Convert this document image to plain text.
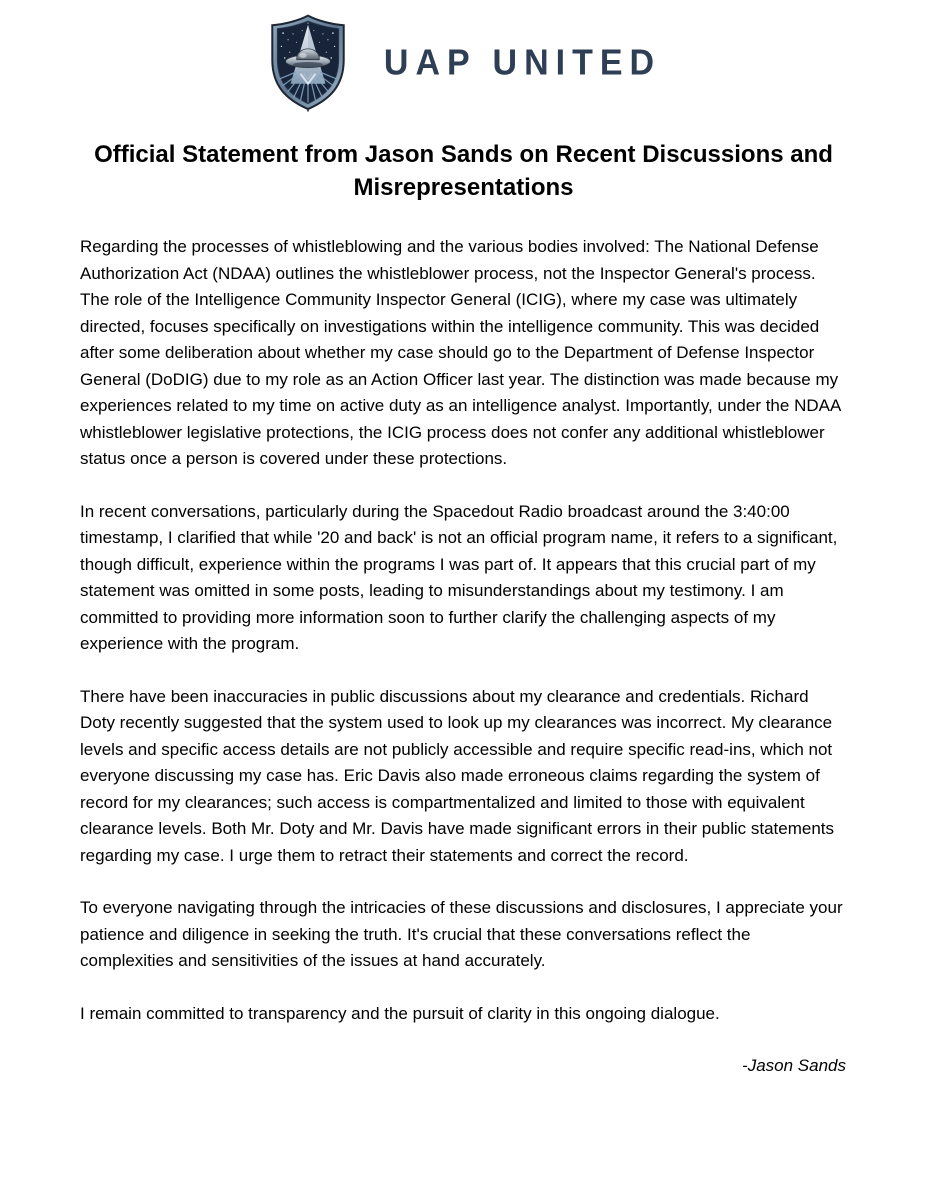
UAP UNITED
Official Statement from Jason Sands on Recent Discussions and Misrepresentations

Regarding the processes of whistleblowing and the various bodies involved: The National Defense Authorization Act (NDAA) outlines the whistleblower process, not the Inspector General's process. The role of the Intelligence Community Inspector General (ICIG), where my case was ultimately directed, focuses specifically on investigations within the intelligence community. This was decided after some deliberation about whether my case should go to the Department of Defense Inspector General (DoDIG) due to my role as an Action Officer last year. The distinction was made because my experiences related to my time on active duty as an intelligence analyst. Importantly, under the NDAA whistleblower legislative protections, the ICIG process does not confer any additional whistleblower status once a person is covered under these protections.

In recent conversations, particularly during the Spacedout Radio broadcast around the 3:40:00 timestamp, I clarified that while '20 and back' is not an official program name, it refers to a significant, though difficult, experience within the programs I was part of. It appears that this crucial part of my statement was omitted in some posts, leading to misunderstandings about my testimony. I am committed to providing more information soon to further clarify the challenging aspects of my experience with the program.

There have been inaccuracies in public discussions about my clearance and credentials. Richard Doty recently suggested that the system used to look up my clearances was incorrect. My clearance levels and specific access details are not publicly accessible and require specific read-ins, which not everyone discussing my case has. Eric Davis also made erroneous claims regarding the system of record for my clearances; such access is compartmentalized and limited to those with equivalent clearance levels. Both Mr. Doty and Mr. Davis have made significant errors in their public statements regarding my case. I urge them to retract their statements and correct the record.

To everyone navigating through the intricacies of these discussions and disclosures, I appreciate your patience and diligence in seeking the truth. It's crucial that these conversations reflect the complexities and sensitivities of the issues at hand accurately.

I remain committed to transparency and the pursuit of clarity in this ongoing dialogue.

-Jason Sands
